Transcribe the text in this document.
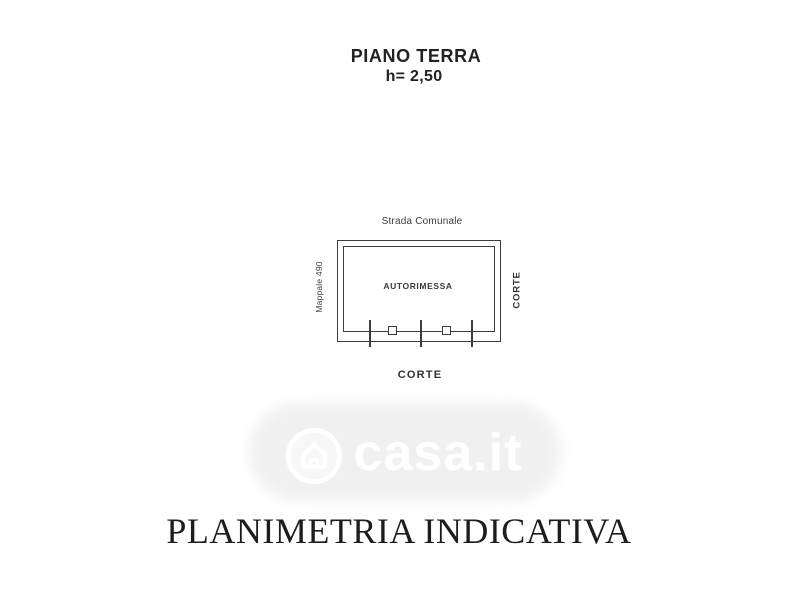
PIANO TERRA
h= 2,50
Strada Comunale
AUTORIMESSA
Mappale 490	CORTE
CORTE
casa.it
PLANIMETRIA INDICATIVA
